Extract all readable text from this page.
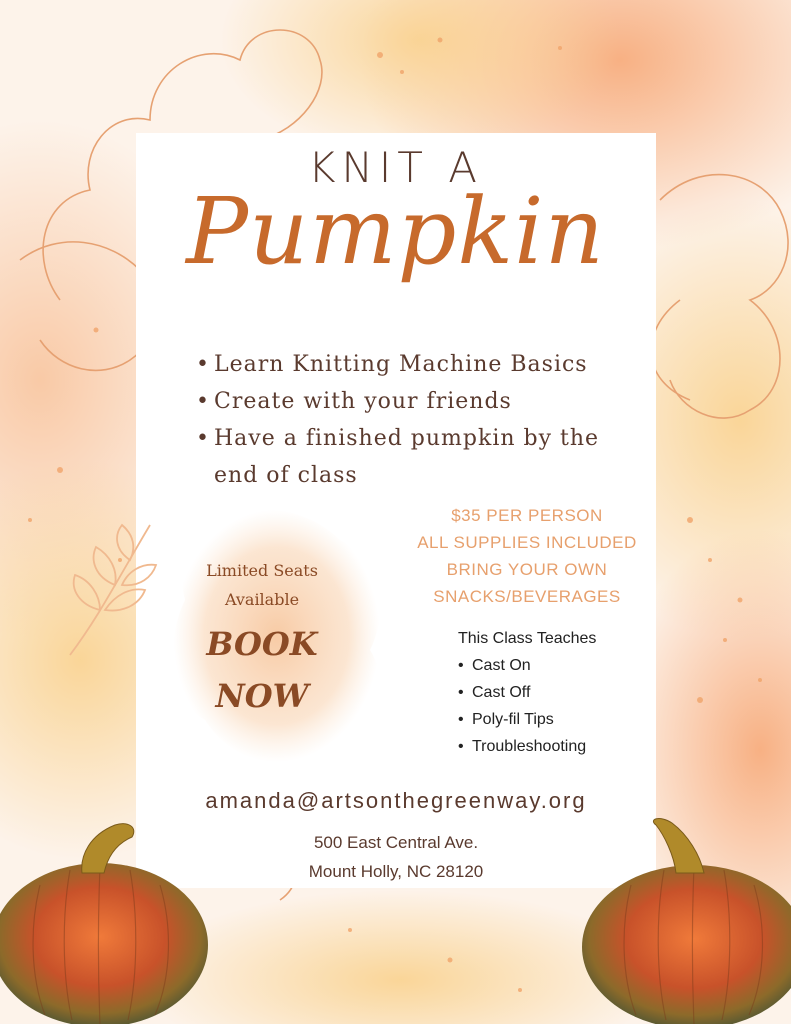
KNIT A
Pumpkin
• Learn Knitting Machine Basics
• Create with your friends
• Have a finished pumpkin by the
end of class
$35 PER PERSON
ALL SUPPLIES INCLUDED
BRING YOUR OWN
SNACKS/BEVERAGES
Limited Seats
Available
BOOK
NOW
This Class Teaches
• Cast On
• Cast Off
• Poly-fil Tips
• Troubleshooting
amanda@artsonthegreenway.org
500 East Central Ave.
Mount Holly, NC 28120
